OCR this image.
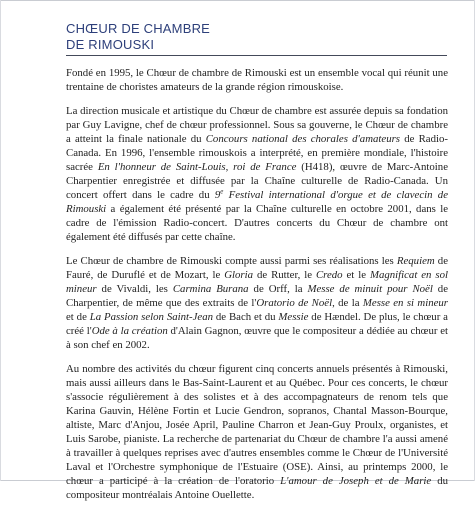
CHŒUR DE CHAMBRE
DE RIMOUSKI

Fondé en 1995, le Chœur de chambre de Rimouski est un ensemble vocal qui réunit une trentaine de choristes amateurs de la grande région rimouskoise.

La direction musicale et artistique du Chœur de chambre est assurée depuis sa fondation par Guy Lavigne, chef de chœur professionnel. Sous sa gouverne, le Chœur de chambre a atteint la finale nationale du Concours national des chorales d'amateurs de Radio-Canada. En 1996, l'ensemble rimouskois a interprété, en première mondiale, l'histoire sacrée En l'honneur de Saint-Louis, roi de France (H418), œuvre de Marc-Antoine Charpentier enregistrée et diffusée par la Chaîne culturelle de Radio-Canada. Un concert offert dans le cadre du 9e Festival international d'orgue et de clavecin de Rimouski a également été présenté par la Chaîne culturelle en octobre 2001, dans le cadre de l'émission Radio-concert. D'autres concerts du Chœur de chambre ont également été diffusés par cette chaîne.

Le Chœur de chambre de Rimouski compte aussi parmi ses réalisations les Requiem de Fauré, de Duruflé et de Mozart, le Gloria de Rutter, le Credo et le Magnificat en sol mineur de Vivaldi, les Carmina Burana de Orff, la Messe de minuit pour Noël de Charpentier, de même que des extraits de l'Oratorio de Noël, de la Messe en si mineur et de La Passion selon Saint-Jean de Bach et du Messie de Hændel. De plus, le chœur a créé l'Ode à la création d'Alain Gagnon, œuvre que le compositeur a dédiée au chœur et à son chef en 2002.

Au nombre des activités du chœur figurent cinq concerts annuels présentés à Rimouski, mais aussi ailleurs dans le Bas-Saint-Laurent et au Québec. Pour ces concerts, le chœur s'associe régulièrement à des solistes et à des accompagnateurs de renom tels que Karina Gauvin, Hélène Fortin et Lucie Gendron, sopranos, Chantal Masson-Bourque, altiste, Marc d'Anjou, Josée April, Pauline Charron et Jean-Guy Proulx, organistes, et Luis Sarobe, pianiste. La recherche de partenariat du Chœur de chambre l'a aussi amené à travailler à quelques reprises avec d'autres ensembles comme le Chœur de l'Université Laval et l'Orchestre symphonique de l'Estuaire (OSE). Ainsi, au printemps 2000, le chœur a participé à la création de l'oratorio L'amour de Joseph et de Marie du compositeur montréalais Antoine Ouellette.
